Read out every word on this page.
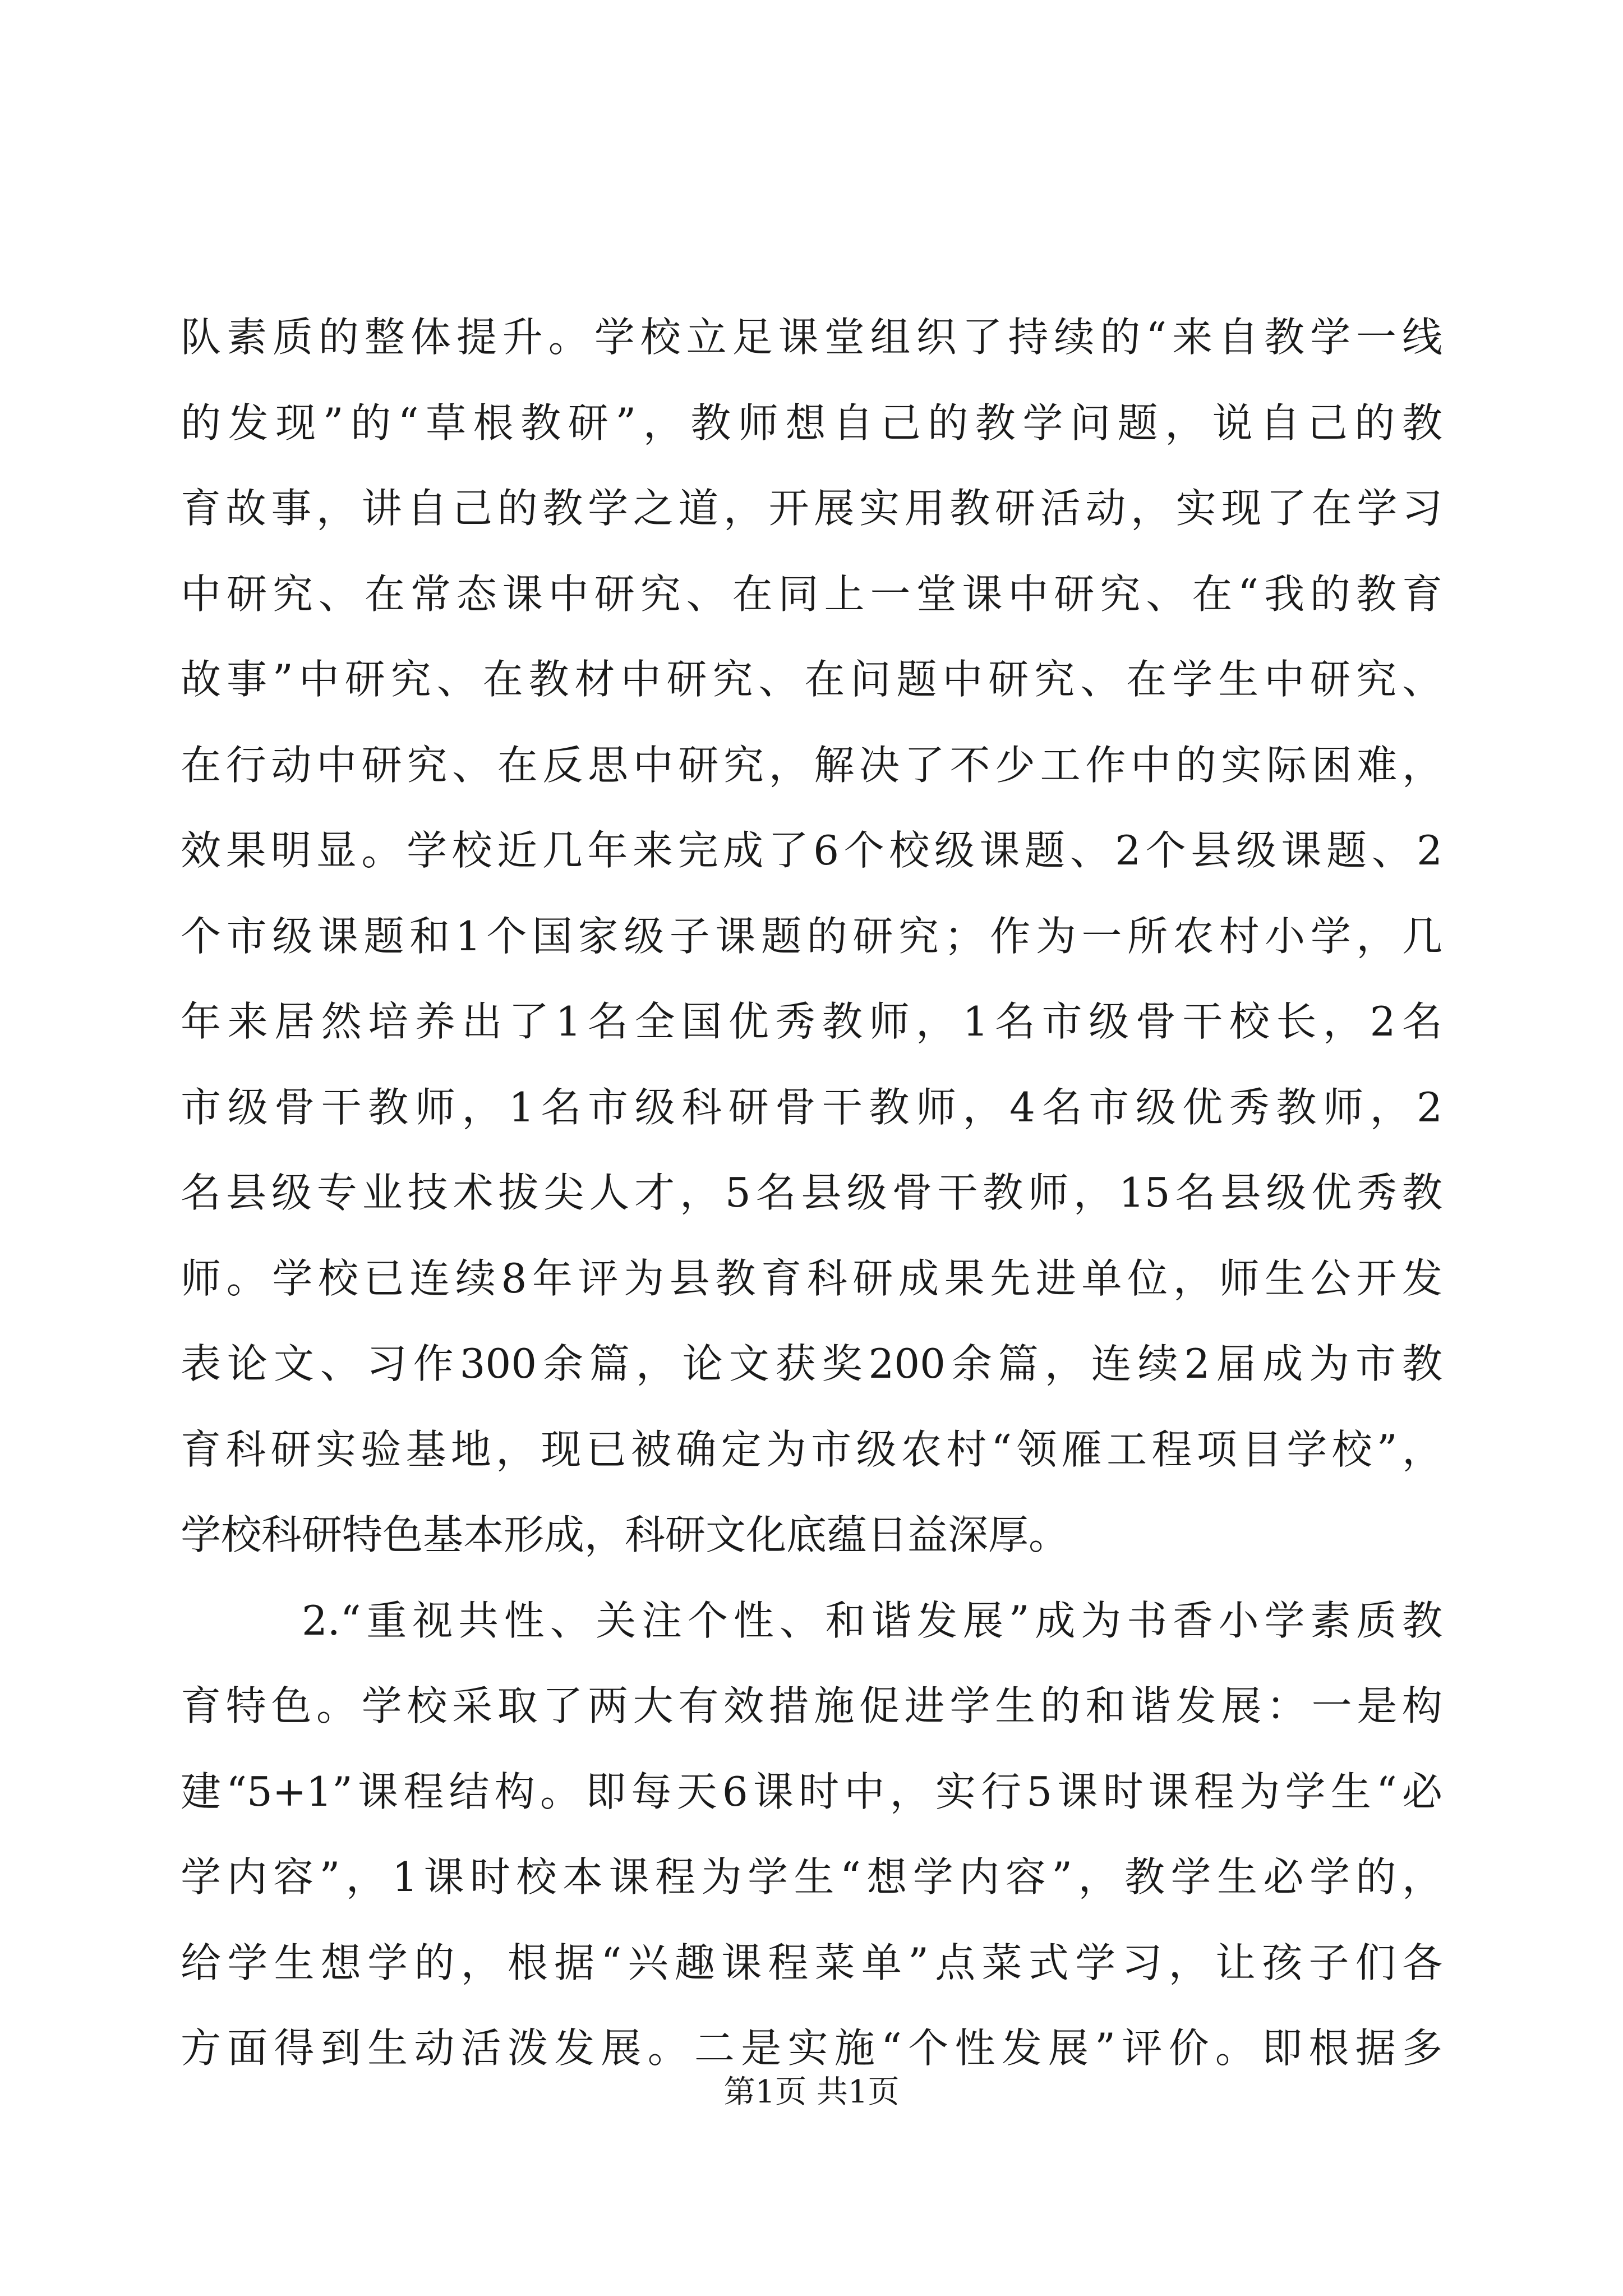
队素质的整体提升。学校立足课堂组织了持续的“来自教学一线
的发现”的“草根教研”，教师想自己的教学问题，说自己的教
育故事，讲自己的教学之道，开展实用教研活动，实现了在学习
中研究、在常态课中研究、在同上一堂课中研究、在“我的教育
故事”中研究、在教材中研究、在问题中研究、在学生中研究、
在行动中研究、在反思中研究，解决了不少工作中的实际困难，
效果明显。学校近几年来完成了6个校级课题、2个县级课题、2
个市级课题和1个国家级子课题的研究；作为一所农村小学，几
年来居然培养出了1名全国优秀教师，1名市级骨干校长，2名
市级骨干教师，1名市级科研骨干教师，4名市级优秀教师，2
名县级专业技术拔尖人才，5名县级骨干教师，15名县级优秀教
师。学校已连续8年评为县教育科研成果先进单位，师生公开发
表论文、习作300余篇，论文获奖200余篇，连续2届成为市教
育科研实验基地，现已被确定为市级农村“领雁工程项目学校”，
学校科研特色基本形成，科研文化底蕴日益深厚。
2.“重视共性、关注个性、和谐发展”成为书香小学素质教
育特色。学校采取了两大有效措施促进学生的和谐发展：一是构
建“5+1”课程结构。即每天6课时中，实行5课时课程为学生“必
学内容”，1课时校本课程为学生“想学内容”，教学生必学的，
给学生想学的，根据“兴趣课程菜单”点菜式学习，让孩子们各
方面得到生动活泼发展。二是实施“个性发展”评价。即根据多
第1页 共1页
